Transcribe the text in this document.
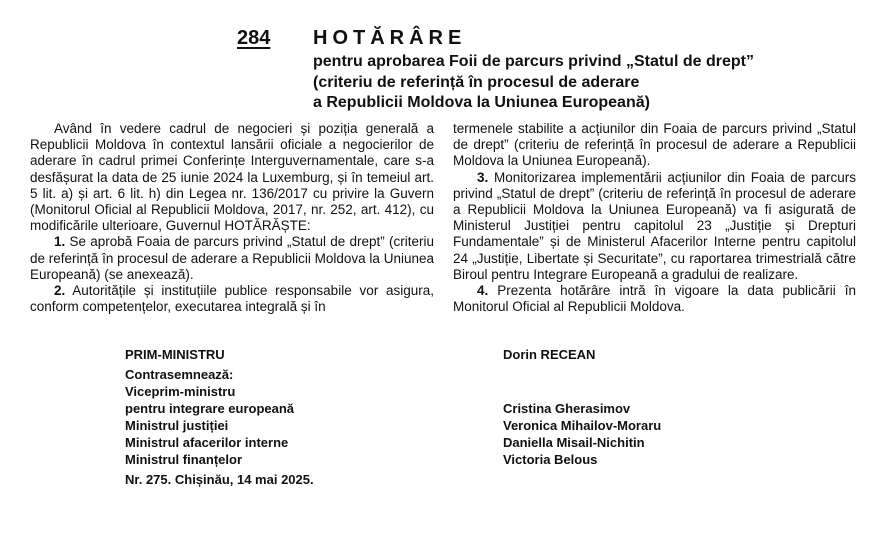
284 HOTĂRÂRE
pentru aprobarea Foii de parcurs privind „Statul de drept”
(criteriu de referință în procesul de aderare
a Republicii Moldova la Uniunea Europeană)

Având în vedere cadrul de negocieri și poziția generală a Republicii Moldova în contextul lansării oficiale a negocierilor de aderare în cadrul primei Conferințe Interguvernamentale, care s-a desfășurat la data de 25 iunie 2024 la Luxemburg, și în temeiul art. 5 lit. a) și art. 6 lit. h) din Legea nr. 136/2017 cu privire la Guvern (Monitorul Oficial al Republicii Moldova, 2017, nr. 252, art. 412), cu modificările ulterioare, Guvernul HOTĂRĂȘTE:

1. Se aprobă Foaia de parcurs privind „Statul de drept” (criteriu de referință în procesul de aderare a Republicii Moldova la Uniunea Europeană) (se anexează).

2. Autoritățile și instituțiile publice responsabile vor asigura, conform competențelor, executarea integrală și în

termenele stabilite a acțiunilor din Foaia de parcurs privind „Statul de drept” (criteriu de referință în procesul de aderare a Republicii Moldova la Uniunea Europeană).

3. Monitorizarea implementării acțiunilor din Foaia de parcurs privind „Statul de drept” (criteriu de referință în procesul de aderare a Republicii Moldova la Uniunea Europeană) va fi asigurată de Ministerul Justiției pentru capitolul 23 „Justiție și Drepturi Fundamentale” și de Ministerul Afacerilor Interne pentru capitolul 24 „Justiție, Libertate și Securitate”, cu raportarea trimestrială către Biroul pentru Integrare Europeană a gradului de realizare.

4. Prezenta hotărâre intră în vigoare la data publicării în Monitorul Oficial al Republicii Moldova.

PRIM-MINISTRU	Dorin RECEAN
Contrasemnează:
Viceprim-ministru
pentru integrare europeană
Ministrul justiției
Ministrul afacerilor interne
Ministrul finanțelor
Cristina Gherasimov
Veronica Mihailov-Moraru
Daniella Misail-Nichitin
Victoria Belous
Nr. 275. Chișinău, 14 mai 2025.
